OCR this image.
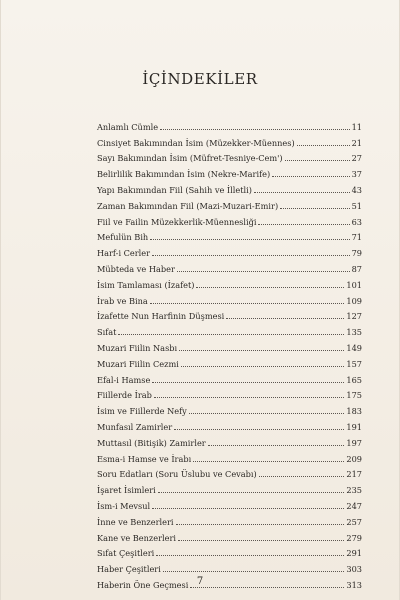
İÇİNDEKİLER
Anlamlı Cümle	11
Cinsiyet Bakımından İsim (Müzekker-Müennes)	21
Sayı Bakımından İsim (Müfret-Tesniye-Cem')	27
Belirlilik Bakımından İsim (Nekre-Marife)	37
Yapı Bakımından Fiil (Sahih ve İlletli)	43
Zaman Bakımından Fiil (Mazi-Muzari-Emir)	51
Fiil ve Failin Müzekkerlik-Müennesliği	63
Mefulün Bih	71
Harf-i Cerler	79
Mübteda ve Haber	87
İsim Tamlaması (İzafet)	101
İrab ve Bina	109
İzafette Nun Harfinin Düşmesi	127
Sıfat	135
Muzari Fiilin Nasbı	149
Muzari Fiilin Cezmi	157
Efal-i Hamse	165
Fiillerde İrab	175
İsim ve Fiillerde Nefy	183
Munfasıl Zamirler	191
Muttasıl (Bitişik) Zamirler	197
Esma-i Hamse ve İrabı	209
Soru Edatları (Soru Üslubu ve Cevabı)	217
İşaret İsimleri	235
İsm-i Mevsul	247
İnne ve Benzerleri	257
Kane ve Benzerleri	279
Sıfat Çeşitleri	291
Haber Çeşitleri	303
Haberin Öne Geçmesi	313
7
